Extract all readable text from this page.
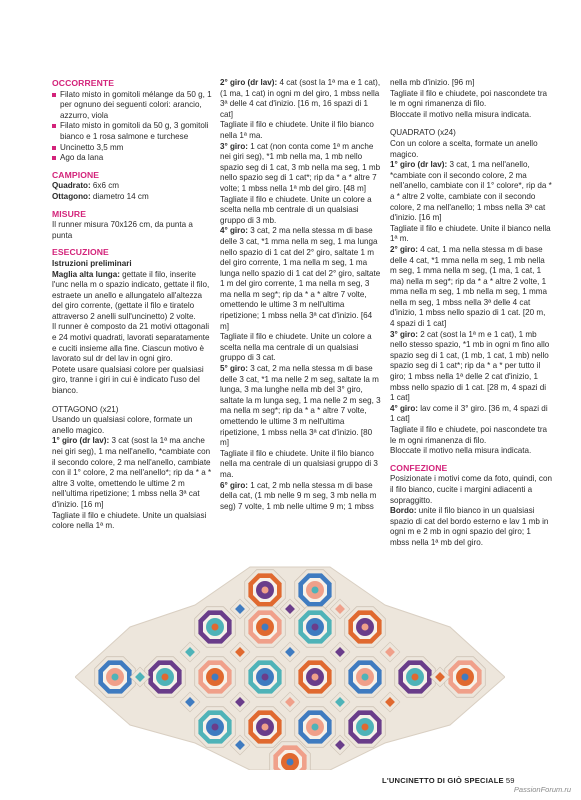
OCCORRENTE

Filato misto in gomitoli mélange da 50 g, 1 per ognuno dei seguenti colori: arancio, azzurro, viola

Filato misto in gomitoli da 50 g, 3 gomitoli bianco e 1 rosa salmone e turchese

Uncinetto 3,5 mm

Ago da lana

CAMPIONE

Quadrato: 6x6 cm

Ottagono: diametro 14 cm

MISURE

Il runner misura 70x126 cm, da punta a punta

ESECUZIONE

Istruzioni preliminari

Maglia alta lunga: gettate il filo, inserite l'unc nella m o spazio indicato, gettate il filo, estraete un anello e allungatelo all'altezza del giro corrente, (gettate il filo e tiratelo attraverso 2 anelli sull'uncinetto) 2 volte.

Il runner è composto da 21 motivi ottagonali e 24 motivi quadrati, lavorati separatamente e cuciti insieme alla fine. Ciascun motivo è lavorato sul dr del lav in ogni giro.

Potete usare qualsiasi colore per qualsiasi giro, tranne i giri in cui è indicato l'uso del bianco.

OTTAGONO (x21)

Usando un qualsiasi colore, formate un anello magico.

1° giro (dr lav): 3 cat (sost la 1ª ma anche nei giri seg), 1 ma nell'anello, *cambiate con il secondo colore, 2 ma nell'anello, cambiate con il 1° colore, 2 ma nell'anello*; rip da * a * altre 3 volte, omettendo le ultime 2 m nell'ultima ripetizione; 1 mbss nella 3ª cat d'inizio. [16 m]

Tagliate il filo e chiudete. Unite un qualsiasi colore nella 1ª m.

2° giro (dr lav): 4 cat (sost la 1ª ma e 1 cat), (1 ma, 1 cat) in ogni m del giro, 1 mbss nella 3ª delle 4 cat d'inizio. [16 m, 16 spazi di 1 cat]

Tagliate il filo e chiudete. Unite il filo bianco nella 1ª ma.

3° giro: 1 cat (non conta come 1ª m anche nei giri seg), *1 mb nella ma, 1 mb nello spazio seg di 1 cat, 3 mb nella ma seg, 1 mb nello spazio seg di 1 cat*; rip da * a * altre 7 volte; 1 mbss nella 1ª mb del giro. [48 m]

Tagliate il filo e chiudete. Unite un colore a scelta nella mb centrale di un qualsiasi gruppo di 3 mb.

4° giro: 3 cat, 2 ma nella stessa m di base delle 3 cat, *1 mma nella m seg, 1 ma lunga nello spazio di 1 cat del 2° giro, saltate 1 m del giro corrente, 1 ma nella m seg, 1 ma lunga nello spazio di 1 cat del 2° giro, saltate 1 m del giro corrente, 1 ma nella m seg, 3 ma nella m seg*; rip da * a * altre 7 volte, omettendo le ultime 3 m nell'ultima ripetizione; 1 mbss nella 3ª cat d'inizio. [64 m]

Tagliate il filo e chiudete. Unite un colore a scelta nella ma centrale di un qualsiasi gruppo di 3 cat.

5° giro: 3 cat, 2 ma nella stessa m di base delle 3 cat, *1 ma nelle 2 m seg, saltate la m lunga, 3 ma lunghe nella mb del 3° giro, saltate la m lunga seg, 1 ma nelle 2 m seg, 3 ma nella m seg*; rip da * a * altre 7 volte, omettendo le ultime 3 m nell'ultima ripetizione, 1 mbss nella 3ª cat d'inizio. [80 m]

Tagliate il filo e chiudete. Unite il filo bianco nella ma centrale di un qualsiasi gruppo di 3 ma.

6° giro: 1 cat, 2 mb nella stessa m di base della cat, (1 mb nelle 9 m seg, 3 mb nella m seg) 7 volte, 1 mb nelle ultime 9 m; 1 mbss

nella mb d'inizio. [96 m]

Tagliate il filo e chiudete, poi nascondete tra le m ogni rimanenza di filo.

Bloccate il motivo nella misura indicata.

QUADRATO (x24)

Con un colore a scelta, formate un anello magico.

1° giro (dr lav): 3 cat, 1 ma nell'anello, *cambiate con il secondo colore, 2 ma nell'anello, cambiate con il 1° colore*, rip da * a * altre 2 volte, cambiate con il secondo colore, 2 ma nell'anello; 1 mbss nella 3ª cat d'inizio. [16 m]

Tagliate il filo e chiudete. Unite il bianco nella 1ª m.

2° giro: 4 cat, 1 ma nella stessa m di base delle 4 cat, *1 mma nella m seg, 1 mb nella m seg, 1 mma nella m seg, (1 ma, 1 cat, 1 ma) nella m seg*; rip da * a * altre 2 volte, 1 mma nella m seg, 1 mb nella m seg, 1 mma nella m seg, 1 mbss nella 3ª delle 4 cat d'inizio, 1 mbss nello spazio di 1 cat. [20 m, 4 spazi di 1 cat]

3° giro: 2 cat (sost la 1ª m e 1 cat), 1 mb nello stesso spazio, *1 mb in ogni m fino allo spazio seg di 1 cat, (1 mb, 1 cat, 1 mb) nello spazio seg di 1 cat*; rip da * a * per tutto il giro; 1 mbss nella 1ª delle 2 cat d'inizio, 1 mbss nello spazio di 1 cat. [28 m, 4 spazi di 1 cat]

4° giro: lav come il 3° giro. [36 m, 4 spazi di 1 cat]

Tagliate il filo e chiudete, poi nascondete tra le m ogni rimanenza di filo.

Bloccate il motivo nella misura indicata.

CONFEZIONE

Posizionate i motivi come da foto, quindi, con il filo bianco, cucite i margini adiacenti a sopraggitto.

Bordo: unite il filo bianco in un qualsiasi spazio di cat del bordo esterno e lav 1 mb in ogni m e 2 mb in ogni spazio del giro; 1 mbss nella 1ª mb del giro.

L'UNCINETTO DI GIÒ SPECIALE 59
PassionForum.ru
